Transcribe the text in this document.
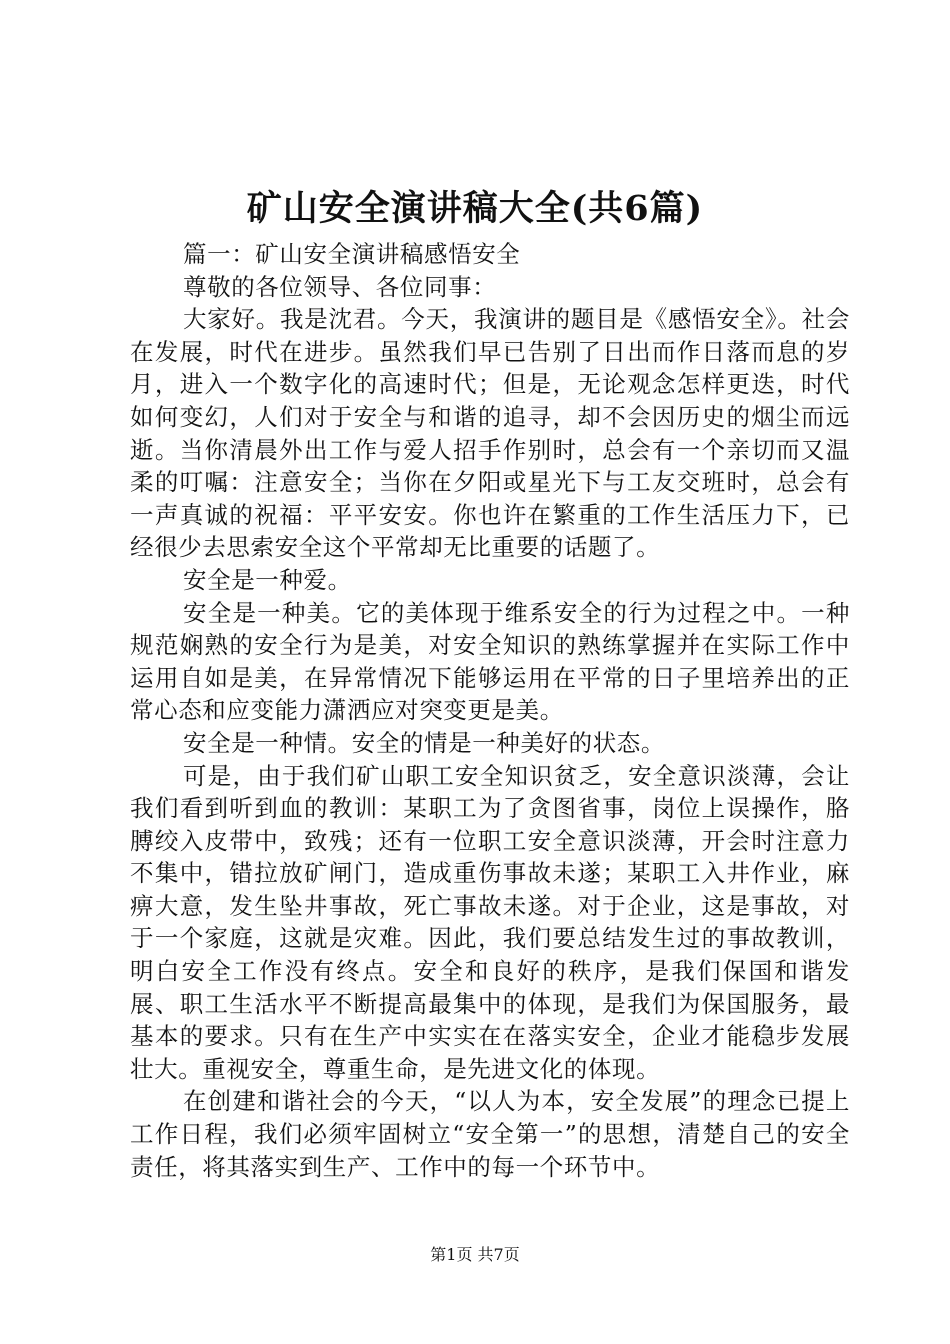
矿山安全演讲稿大全(共6篇)

篇一：矿山安全演讲稿感悟安全

尊敬的各位领导、各位同事：

大家好。我是沈君。今天，我演讲的题目是《感悟安全》。社会在发展，时代在进步。虽然我们早已告别了日出而作日落而息的岁月，进入一个数字化的高速时代；但是，无论观念怎样更迭，时代如何变幻，人们对于安全与和谐的追寻，却不会因历史的烟尘而远逝。当你清晨外出工作与爱人招手作别时，总会有一个亲切而又温柔的叮嘱：注意安全；当你在夕阳或星光下与工友交班时，总会有一声真诚的祝福：平平安安。你也许在繁重的工作生活压力下，已经很少去思索安全这个平常却无比重要的话题了。

安全是一种爱。

安全是一种美。它的美体现于维系安全的行为过程之中。一种规范娴熟的安全行为是美，对安全知识的熟练掌握并在实际工作中运用自如是美，在异常情况下能够运用在平常的日子里培养出的正常心态和应变能力潇洒应对突变更是美。

安全是一种情。安全的情是一种美好的状态。

可是，由于我们矿山职工安全知识贫乏，安全意识淡薄，会让我们看到听到血的教训：某职工为了贪图省事，岗位上误操作，胳膊绞入皮带中，致残；还有一位职工安全意识淡薄，开会时注意力不集中，错拉放矿闸门，造成重伤事故未遂；某职工入井作业，麻痹大意，发生坠井事故，死亡事故未遂。对于企业，这是事故，对于一个家庭，这就是灾难。因此，我们要总结发生过的事故教训，明白安全工作没有终点。安全和良好的秩序，是我们保国和谐发展、职工生活水平不断提高最集中的体现，是我们为保国服务，最基本的要求。只有在生产中实实在在落实安全，企业才能稳步发展壮大。重视安全，尊重生命，是先进文化的体现。

在创建和谐社会的今天，“以人为本，安全发展”的理念已提上工作日程，我们必须牢固树立“安全第一”的思想，清楚自己的安全责任，将其落实到生产、工作中的每一个环节中。

第1页 共7页
